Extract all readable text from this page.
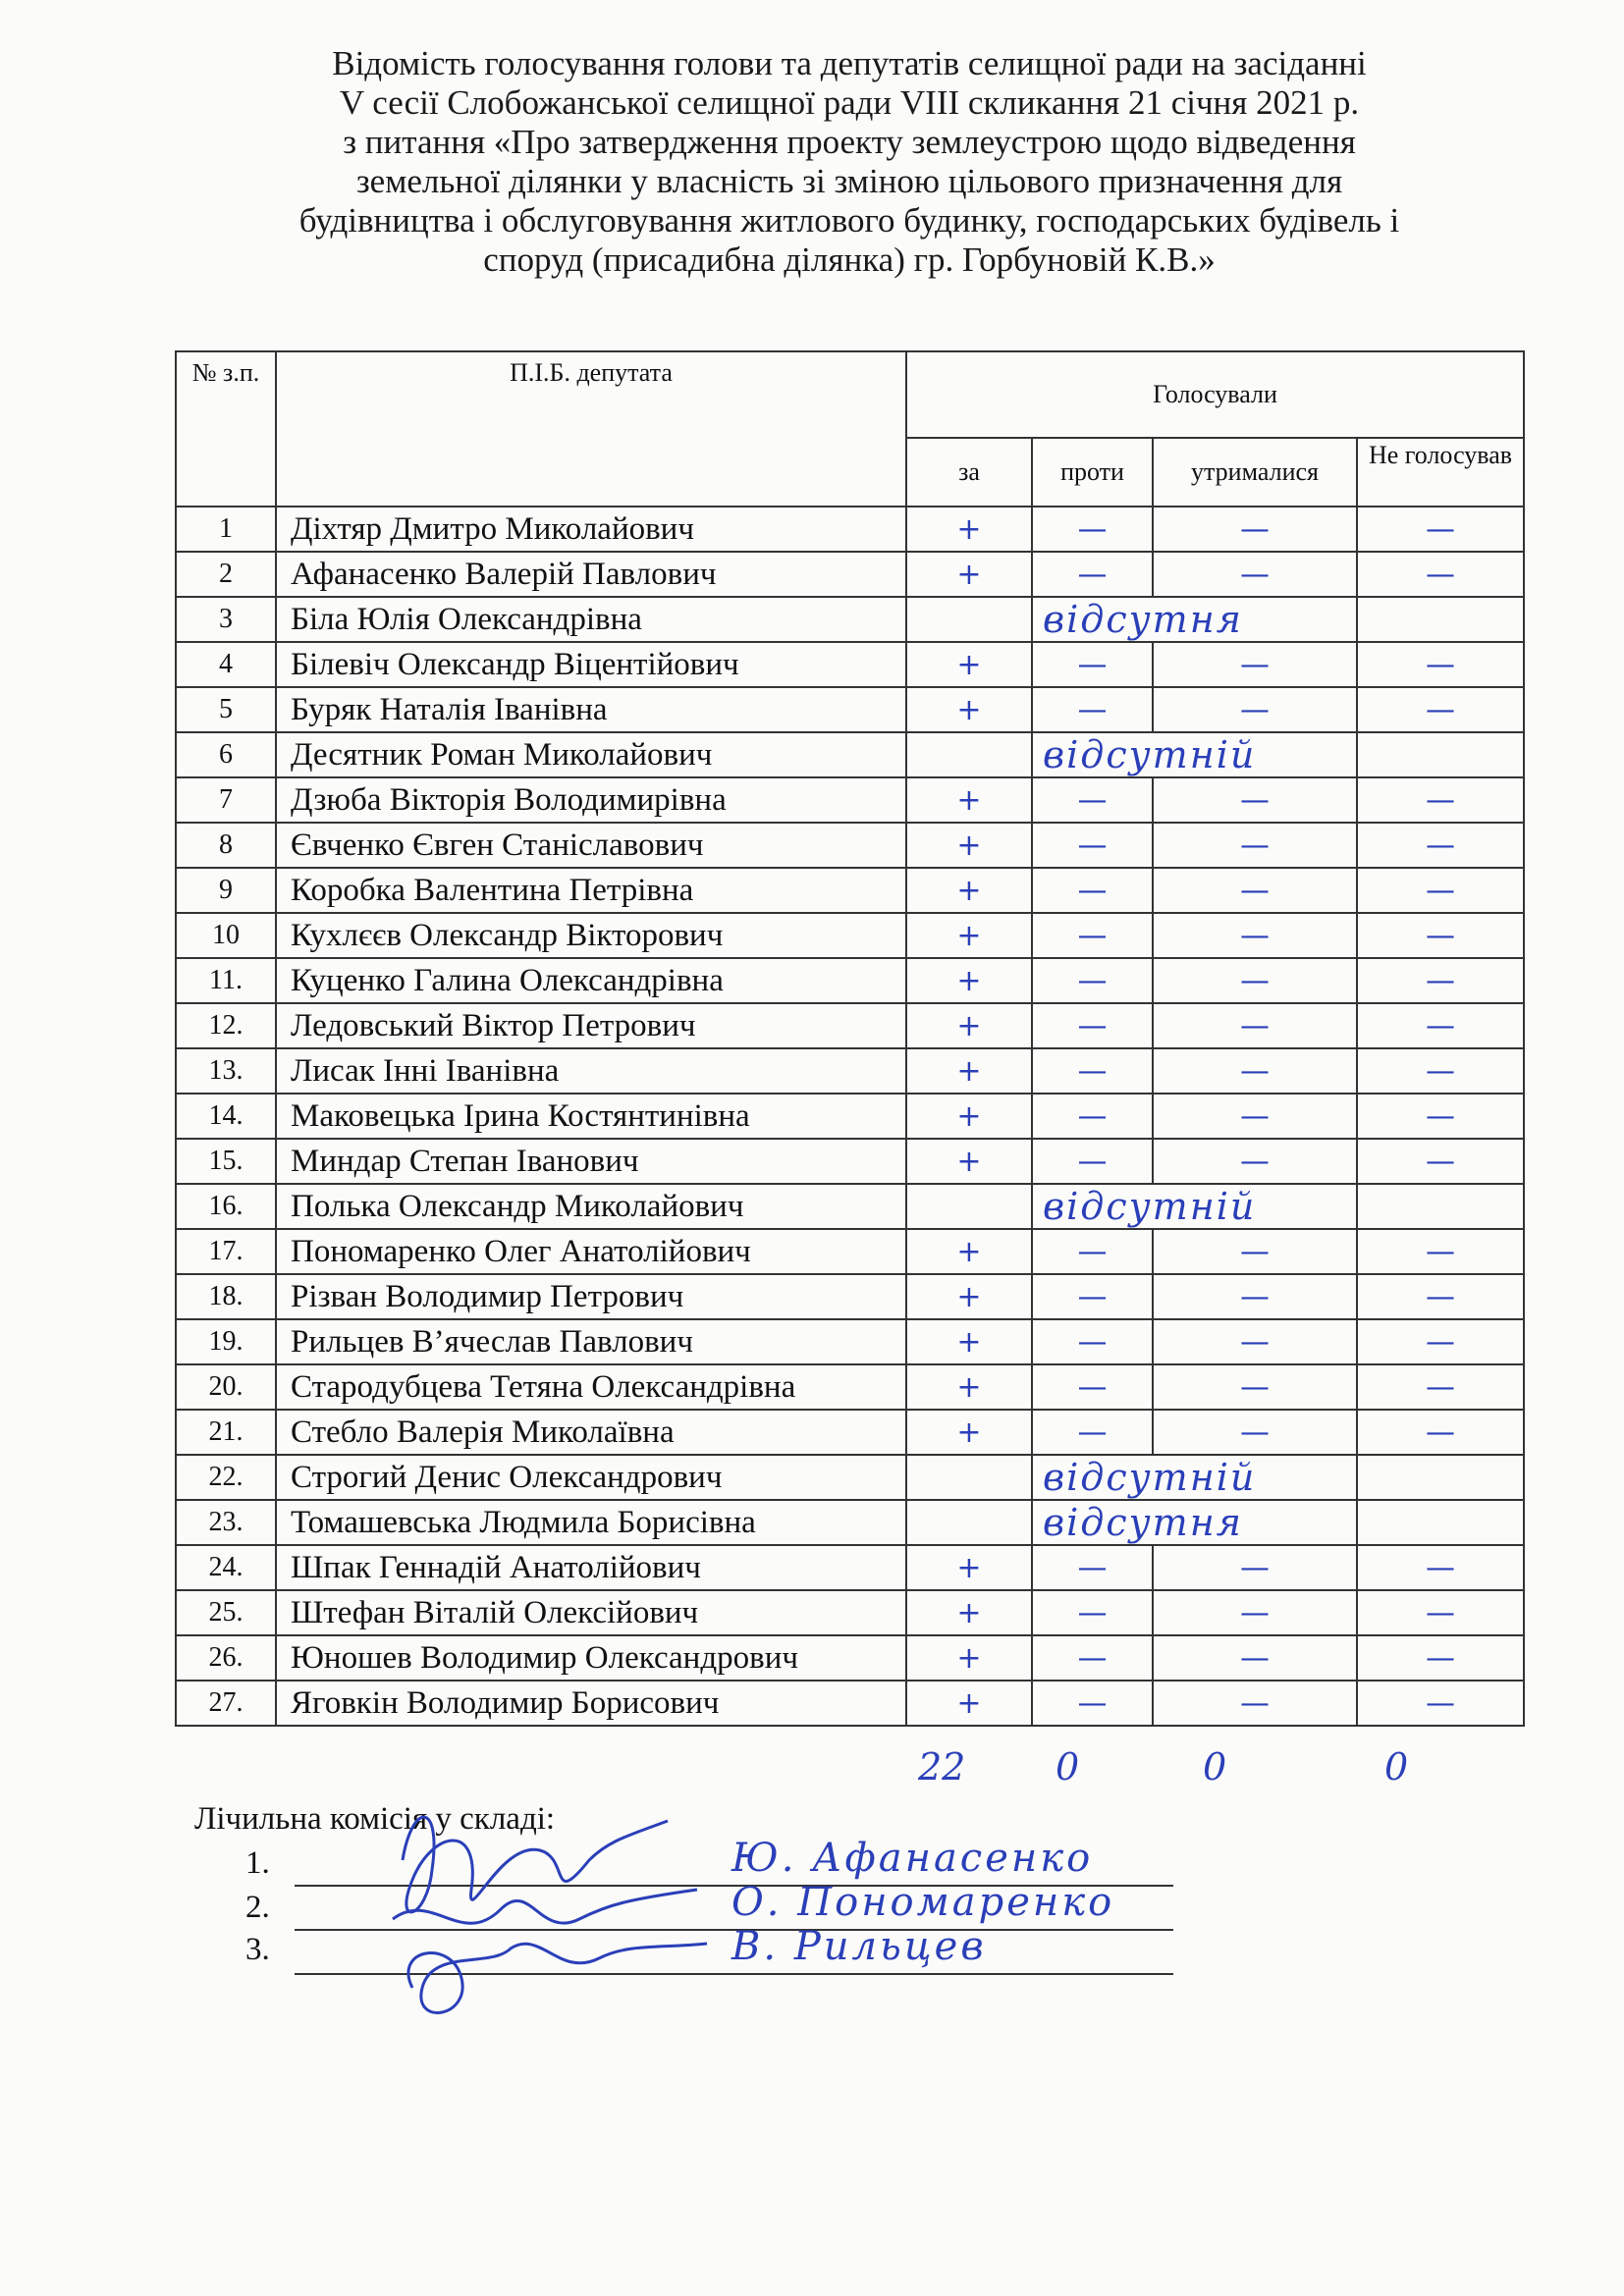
Відомість голосування голови та депутатів селищної ради на засіданні
V сесії Слобожанської селищної ради VIII скликання 21 січня 2021 р.
з питання «Про затвердження проекту землеустрою щодо відведення
земельної ділянки у власність зі зміною цільового призначення для
будівництва і обслуговування житлового будинку, господарських будівель і
споруд (присадибна ділянка) гр. Горбуновій К.В.»
№ з.п.	П.І.Б. депутата	Голосували			
		за	проти	утрималися	Не голосував
1	Діхтяр Дмитро Миколайович	+	—	—	—
2	Афанасенко Валерій Павлович	+	—	—	—
3	Біла Юлія Олександрівна		відсутня		
4	Білевіч Олександр Віцентійович	+	—	—	—
5	Буряк Наталія Іванівна	+	—	—	—
6	Десятник Роман Миколайович		відсутній		
7	Дзюба Вікторія Володимирівна	+	—	—	—
8	Євченко Євген Станіславович	+	—	—	—
9	Коробка Валентина Петрівна	+	—	—	—
10	Кухлєєв Олександр Вікторович	+	—	—	—
11.	Куценко Галина Олександрівна	+	—	—	—
12.	Ледовський Віктор Петрович	+	—	—	—
13.	Лисак Інні Іванівна	+	—	—	—
14.	Маковецька Ірина Костянтинівна	+	—	—	—
15.	Миндар Степан Іванович	+	—	—	—
16.	Полька Олександр Миколайович		відсутній		
17.	Пономаренко Олег Анатолійович	+	—	—	—
18.	Різван Володимир Петрович	+	—	—	—
19.	Рильцев В’ячеслав Павлович	+	—	—	—
20.	Стародубцева Тетяна Олександрівна	+	—	—	—
21.	Стебло Валерія Миколаївна	+	—	—	—
22.	Строгий Денис Олександрович		відсутній		
23.	Томашевська Людмила Борисівна		відсутня		
24.	Шпак Геннадій Анатолійович	+	—	—	—
25.	Штефан Віталій Олексійович	+	—	—	—
26.	Юношев Володимир Олександрович	+	—	—	—
27.	Яговкін Володимир Борисович	+	—	—	—
22 0	0	0
Лічильна комісія у складі:
1.	Ю. Афанасенко
2.	О. Пономаренко
3.	В. Рильцев
